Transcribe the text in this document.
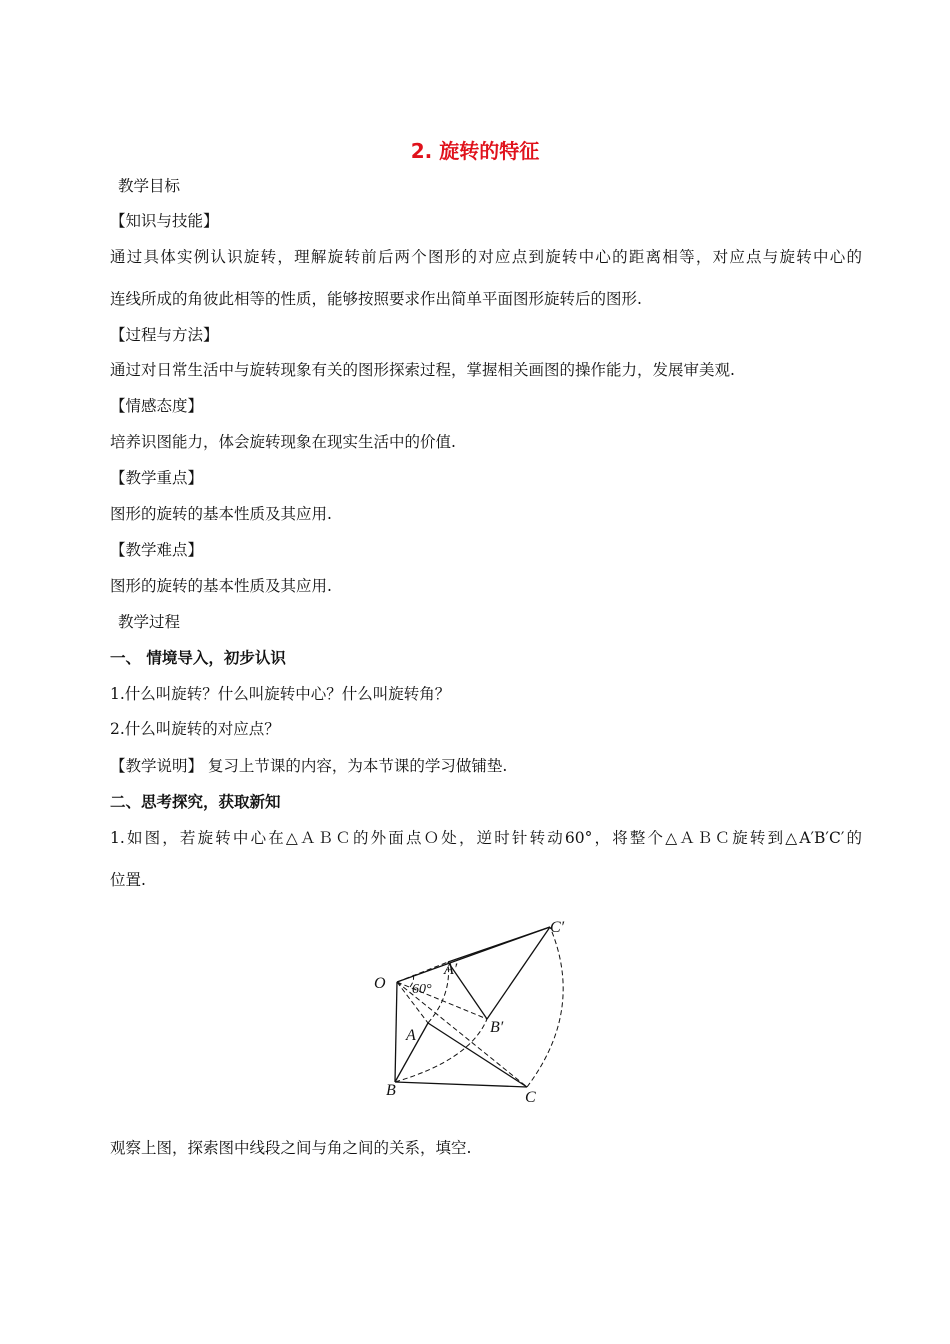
2. 旋转的特征
教学目标
【知识与技能】
通过具体实例认识旋转，理解旋转前后两个图形的对应点到旋转中心的距离相等，对应点与旋转中心的
连线所成的角彼此相等的性质，能够按照要求作出简单平面图形旋转后的图形.
【过程与方法】
通过对日常生活中与旋转现象有关的图形探索过程，掌握相关画图的操作能力，发展审美观.
【情感态度】
培养识图能力，体会旋转现象在现实生活中的价值.
【教学重点】
图形的旋转的基本性质及其应用.
【教学难点】
图形的旋转的基本性质及其应用.
教学过程
一、 情境导入，初步认识
1.什么叫旋转？什么叫旋转中心？什么叫旋转角？
2.什么叫旋转的对应点？
【教学说明】 复习上节课的内容，为本节课的学习做铺垫.
二、思考探究，获取新知
1.如图，若旋转中心在△ＡＢＣ的外面点Ｏ处，逆时针转动60°，将整个△ＡＢＣ旋转到△A′B′C′的
位置.
O
A
B	C
A′
B′
C′
60°
观察上图，探索图中线段之间与角之间的关系，填空.
